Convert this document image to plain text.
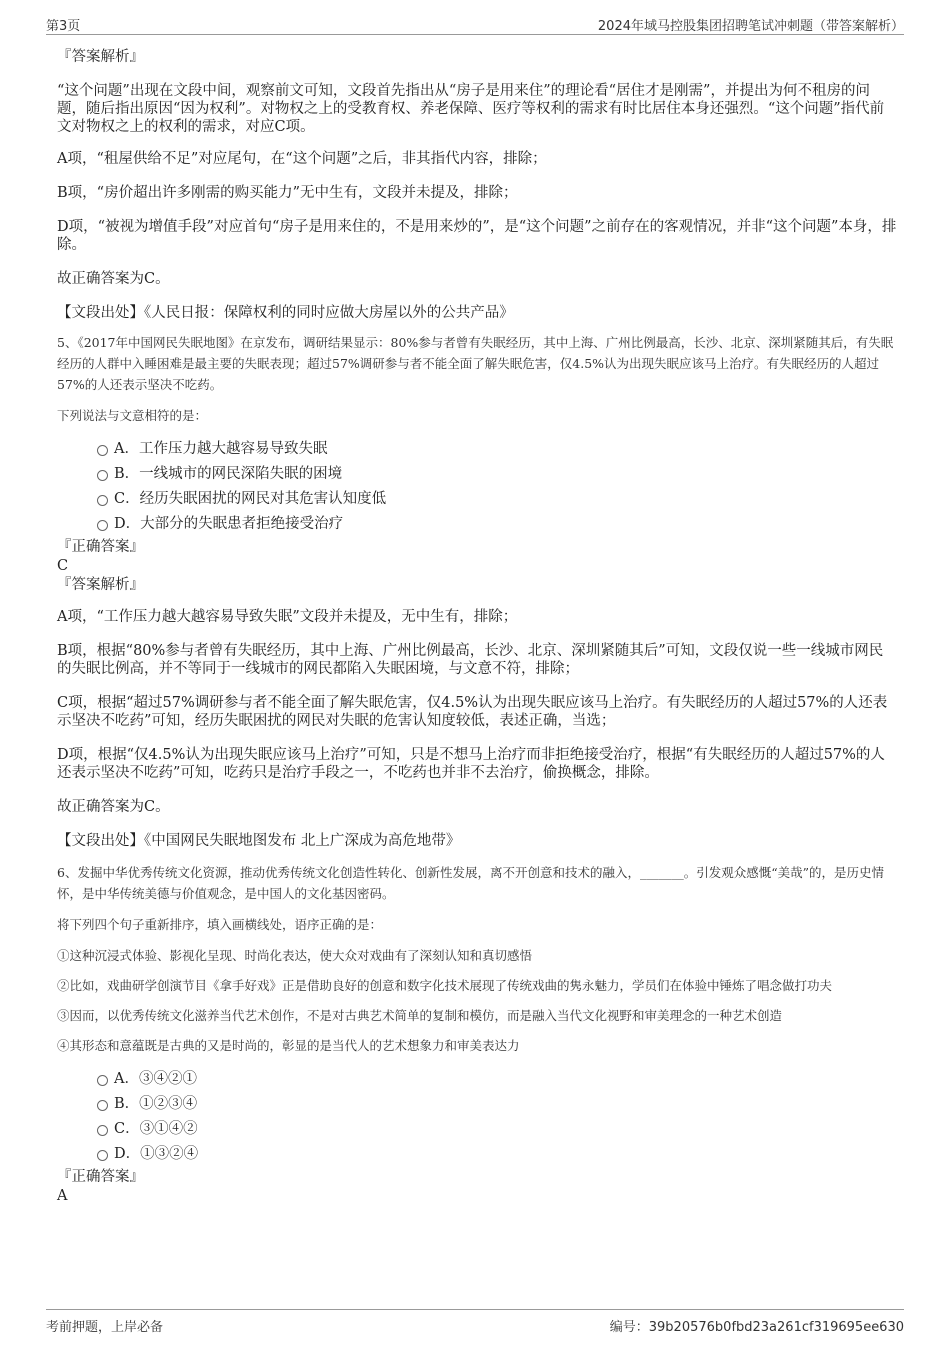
第3页	2024年域马控股集团招聘笔试冲刺题（带答案解析）
『答案解析』

“这个问题”出现在文段中间，观察前文可知，文段首先指出从“房子是用来住”的理论看“居住才是刚需”，并提出为何不租房的问题，随后指出原因“因为权利”。对物权之上的受教育权、养老保障、医疗等权利的需求有时比居住本身还强烈。“这个问题”指代前文对物权之上的权利的需求，对应C项。

A项，“租屋供给不足”对应尾句，在“这个问题”之后，非其指代内容，排除；

B项，“房价超出许多刚需的购买能力”无中生有，文段并未提及，排除；

D项，“被视为增值手段”对应首句“房子是用来住的，不是用来炒的”，是“这个问题”之前存在的客观情况，并非“这个问题”本身，排除。

故正确答案为C。

【文段出处】《人民日报：保障权利的同时应做大房屋以外的公共产品》

5、《2017年中国网民失眠地图》在京发布，调研结果显示：80%参与者曾有失眠经历，其中上海、广州比例最高，长沙、北京、深圳紧随其后，有失眠经历的人群中入睡困难是最主要的失眠表现；超过57%调研参与者不能全面了解失眠危害，仅4.5%认为出现失眠应该马上治疗。有失眠经历的人超过57%的人还表示坚决不吃药。

下列说法与文意相符的是：

A．工作压力越大越容易导致失眠
B．一线城市的网民深陷失眠的困境
C．经历失眠困扰的网民对其危害认知度低
D．大部分的失眠患者拒绝接受治疗
『正确答案』
C
『答案解析』

A项，“工作压力越大越容易导致失眠”文段并未提及，无中生有，排除；

B项，根据“80%参与者曾有失眠经历，其中上海、广州比例最高，长沙、北京、深圳紧随其后”可知，文段仅说一些一线城市网民的失眠比例高，并不等同于一线城市的网民都陷入失眠困境，与文意不符，排除；

C项，根据“超过57%调研参与者不能全面了解失眠危害，仅4.5%认为出现失眠应该马上治疗。有失眠经历的人超过57%的人还表示坚决不吃药”可知，经历失眠困扰的网民对失眠的危害认知度较低，表述正确，当选；

D项，根据“仅4.5%认为出现失眠应该马上治疗”可知，只是不想马上治疗而非拒绝接受治疗，根据“有失眠经历的人超过57%的人还表示坚决不吃药”可知，吃药只是治疗手段之一，不吃药也并非不去治疗，偷换概念，排除。

故正确答案为C。

【文段出处】《中国网民失眠地图发布 北上广深成为高危地带》

6、发掘中华优秀传统文化资源，推动优秀传统文化创造性转化、创新性发展，离不开创意和技术的融入，_______。引发观众感慨“美哉”的，是历史情怀，是中华传统美德与价值观念，是中国人的文化基因密码。

将下列四个句子重新排序，填入画横线处，语序正确的是：

①这种沉浸式体验、影视化呈现、时尚化表达，使大众对戏曲有了深刻认知和真切感悟

②比如，戏曲研学创演节目《拿手好戏》正是借助良好的创意和数字化技术展现了传统戏曲的隽永魅力，学员们在体验中锤炼了唱念做打功夫

③因而，以优秀传统文化滋养当代艺术创作，不是对古典艺术简单的复制和模仿，而是融入当代文化视野和审美理念的一种艺术创造

④其形态和意蕴既是古典的又是时尚的，彰显的是当代人的艺术想象力和审美表达力

A．③④②①
B．①②③④
C．③①④②
D．①③②④
『正确答案』
A
考前押题，上岸必备	编号：39b20576b0fbd23a261cf319695ee630
